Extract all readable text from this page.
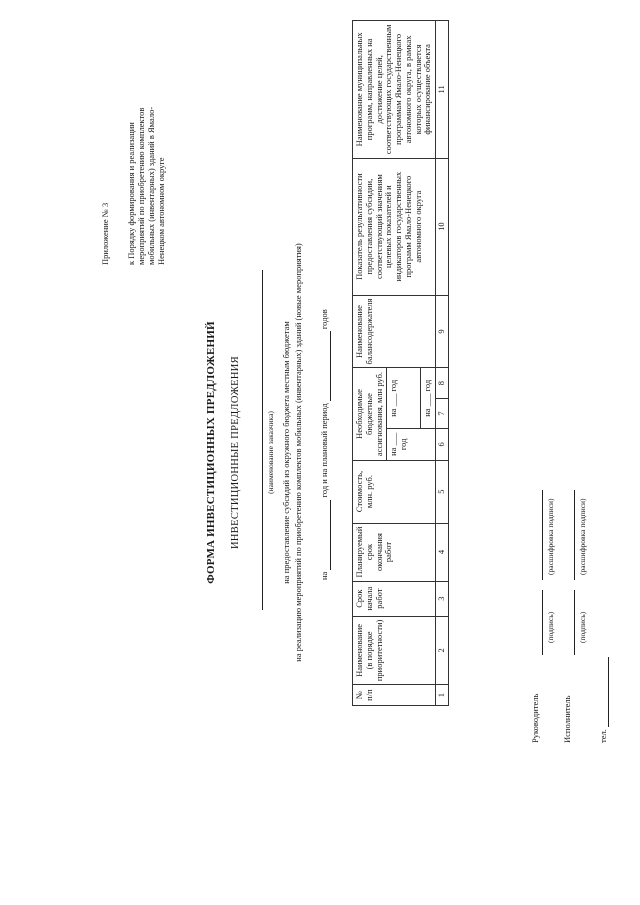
Приложение № 3 к Порядку формирования и реализации мероприятий по приобретению комплектов мобильных (инвентарных) зданий в Ямало-Ненецком автономном округе
ФОРМА ИНВЕСТИЦИОННЫХ ПРЕДЛОЖЕНИЙ ИНВЕСТИЦИОННЫЕ ПРЕДЛОЖЕНИЯ	(наименование заказчика) на предоставление субсидий из окружного бюджета местным бюджетам на реализацию мероприятий по приобретению комплектов мобильных (инвентарных) зданий (новые мероприятия) на   год и на плановый период   годов
№ п/п	Наименование (в порядке приоритетности)	Срок начала работ	Планируемый срок окончания работ	Стоимость, млн. руб.	Необходимые бюджетные ассигнования, млн руб.			Наименование балансодержателя	Показатель результативности предоставления субсидии, соответствующий значениям целевых показателей и индикаторов государственных программ Ямало-Ненецкого автономного округа	Наименование муниципальных программ, направленных на достижение целей, соответствующих государственным программам Ямало-Ненецкого автономного округа, в рамках которых осуществляется финансирование объекта
					на ___ год	на ___ год				
						на ___ год				
1	2	3	4	5	6	7	8	9	10	11
Руководитель
(подпись)
(расшифровка подписи)
Исполнитель
(подпись)
(расшифровка подписи)
тел.
